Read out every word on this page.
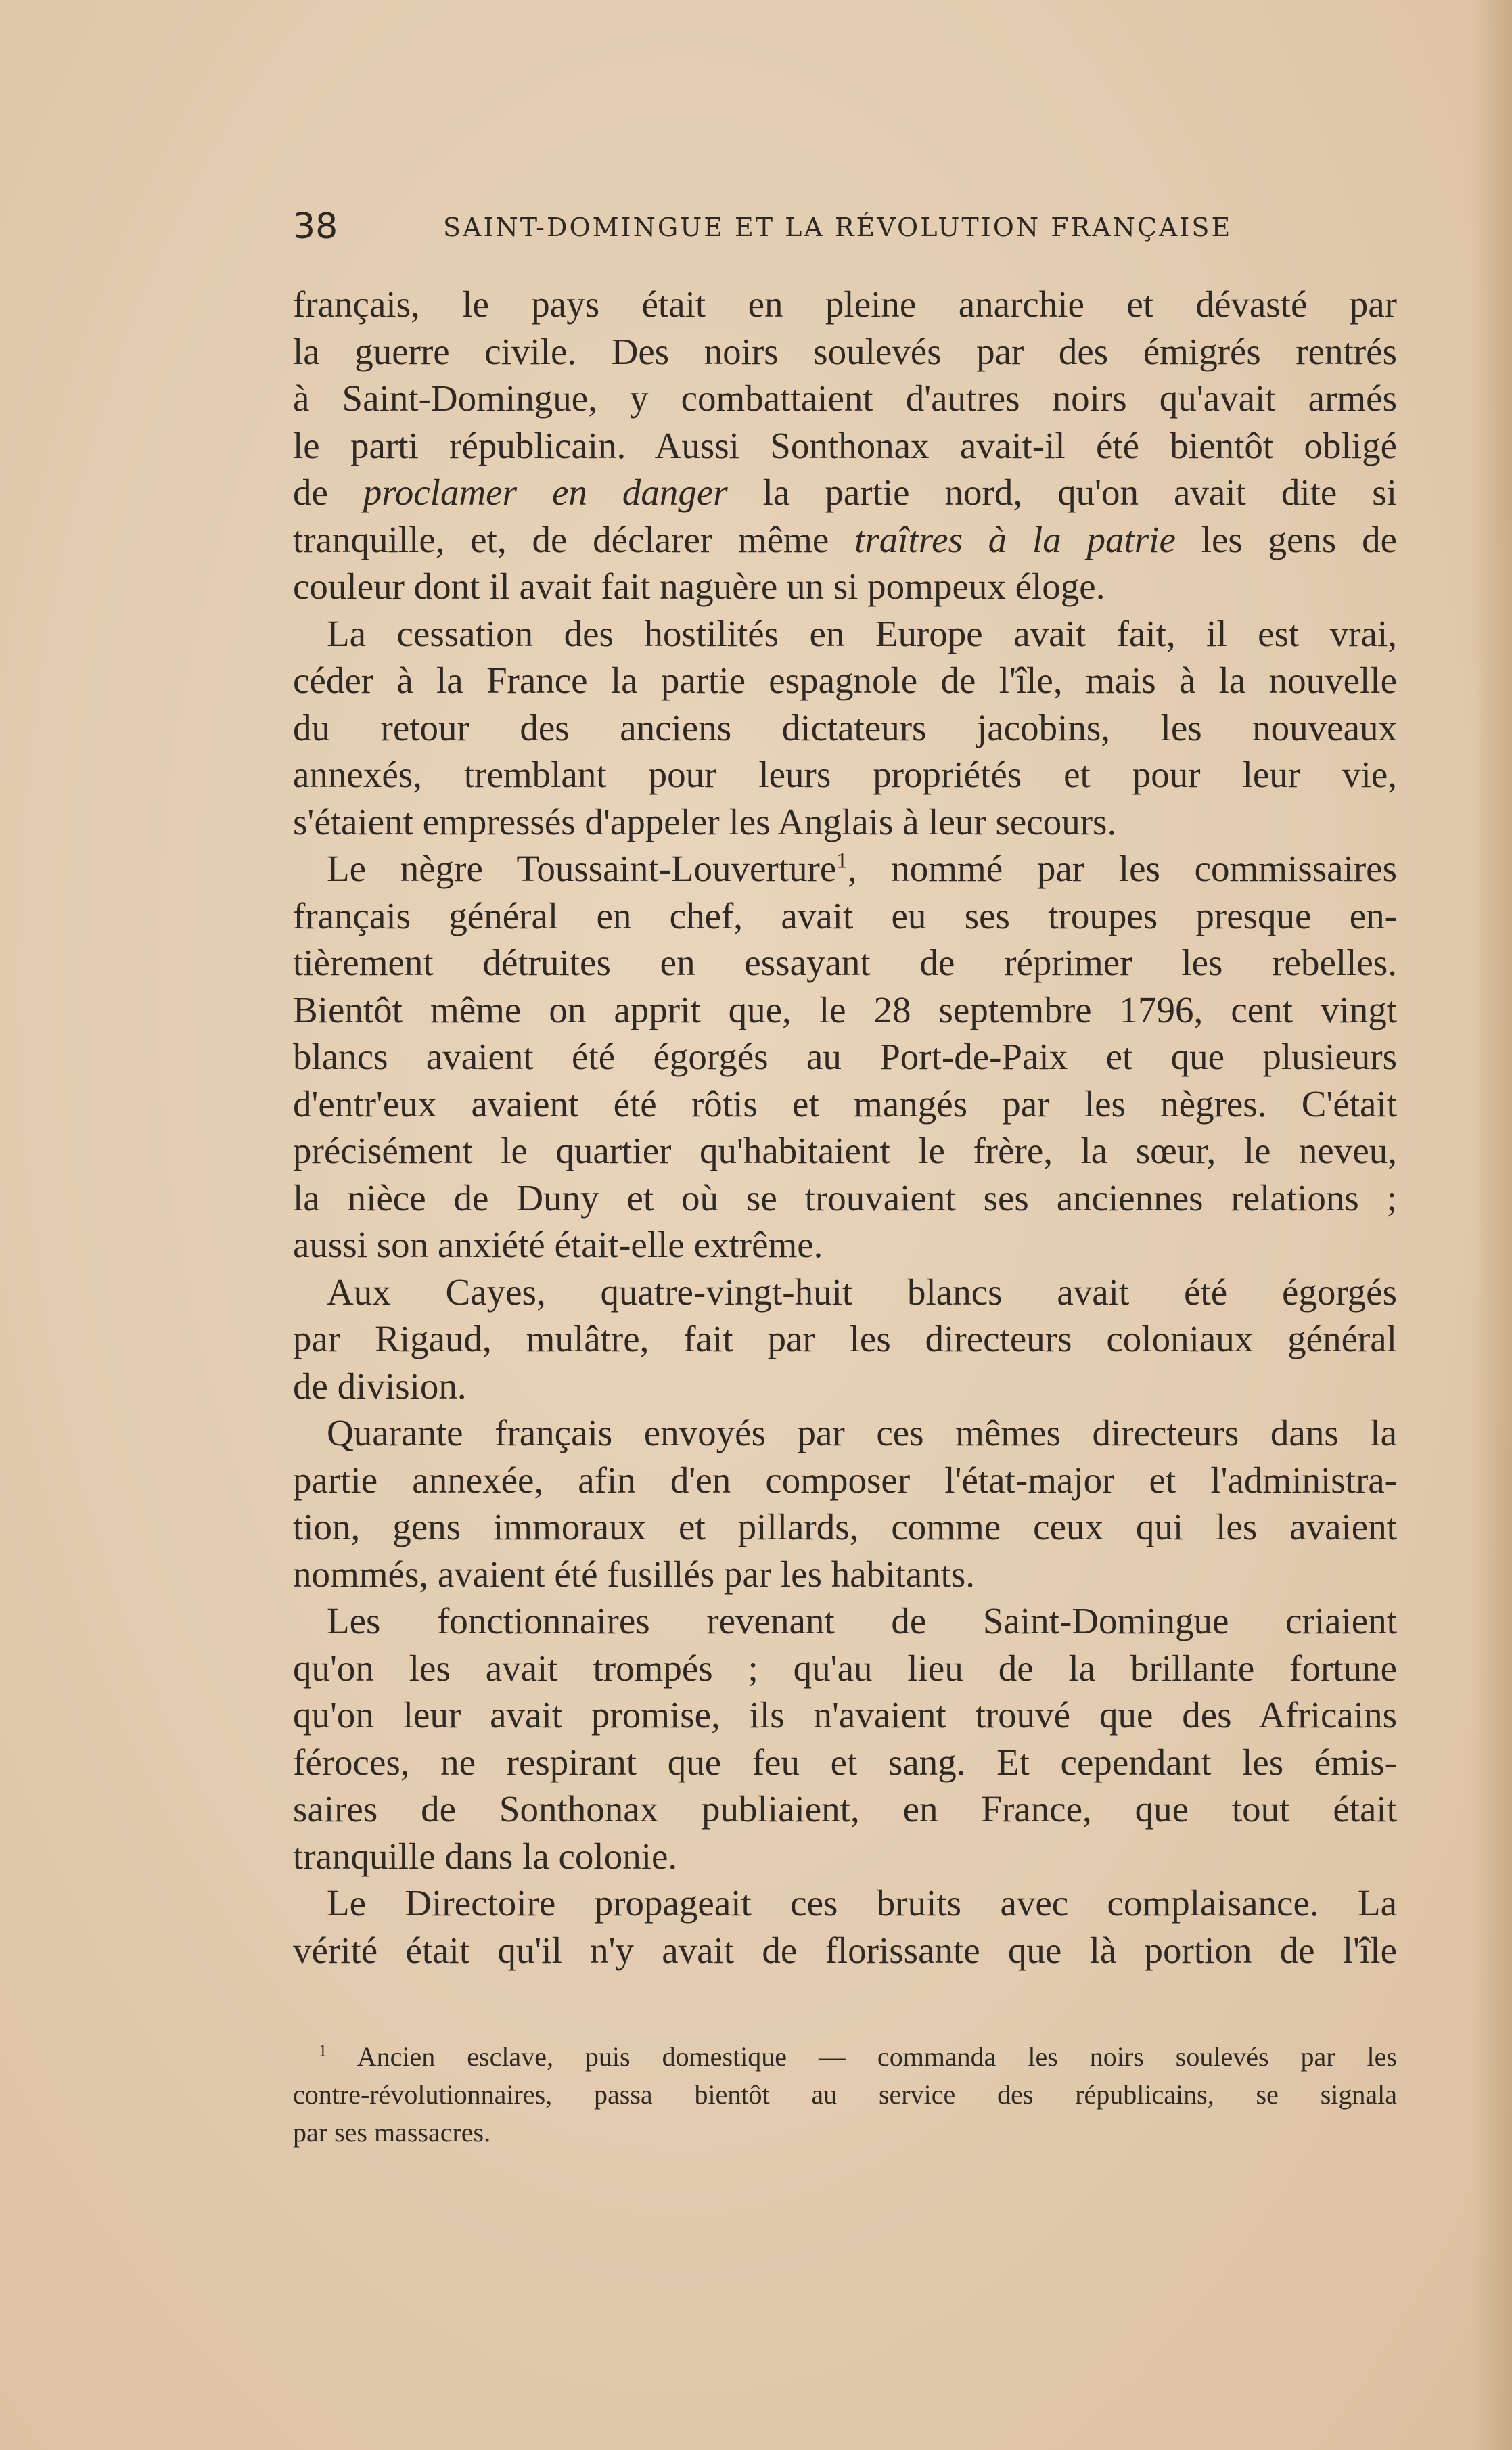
38	SAINT-DOMINGUE ET LA RÉVOLUTION FRANÇAISE
français, le pays était en pleine anarchie et dévasté par
la guerre civile. Des noirs soulevés par des émigrés rentrés
à Saint-Domingue, y combattaient d'autres noirs qu'avait armés
le parti républicain. Aussi Sonthonax avait-il été bientôt obligé
de proclamer en danger la partie nord, qu'on avait dite si
tranquille, et, de déclarer même traîtres à la patrie les gens de
couleur dont il avait fait naguère un si pompeux éloge.
La cessation des hostilités en Europe avait fait, il est vrai,
céder à la France la partie espagnole de l'île, mais à la nouvelle
du retour des anciens dictateurs jacobins, les nouveaux
annexés, tremblant pour leurs propriétés et pour leur vie,
s'étaient empressés d'appeler les Anglais à leur secours.
Le nègre Toussaint-Louverture$^1$, nommé par les commissaires
français général en chef, avait eu ses troupes presque en-
tièrement détruites en essayant de réprimer les rebelles.
Bientôt même on apprit que, le 28 septembre 1796, cent vingt
blancs avaient été égorgés au Port-de-Paix et que plusieurs
d'entr'eux avaient été rôtis et mangés par les nègres. C'était
précisément le quartier qu'habitaient le frère, la sœur, le neveu,
la nièce de Duny et où se trouvaient ses anciennes relations ;
aussi son anxiété était-elle extrême.
Aux Cayes, quatre-vingt-huit blancs avait été égorgés
par Rigaud, mulâtre, fait par les directeurs coloniaux général
de division.
Quarante français envoyés par ces mêmes directeurs dans la
partie annexée, afin d'en composer l'état-major et l'administra-
tion, gens immoraux et pillards, comme ceux qui les avaient
nommés, avaient été fusillés par les habitants.
Les fonctionnaires revenant de Saint-Domingue criaient
qu'on les avait trompés ; qu'au lieu de la brillante fortune
qu'on leur avait promise, ils n'avaient trouvé que des Africains
féroces, ne respirant que feu et sang. Et cependant les émis-
saires de Sonthonax publiaient, en France, que tout était
tranquille dans la colonie.
Le Directoire propageait ces bruits avec complaisance. La
vérité était qu'il n'y avait de florissante que là portion de l'île
$^1$ Ancien esclave, puis domestique — commanda les noirs soulevés par les
contre-révolutionnaires, passa bientôt au service des républicains, se signala
par ses massacres.
